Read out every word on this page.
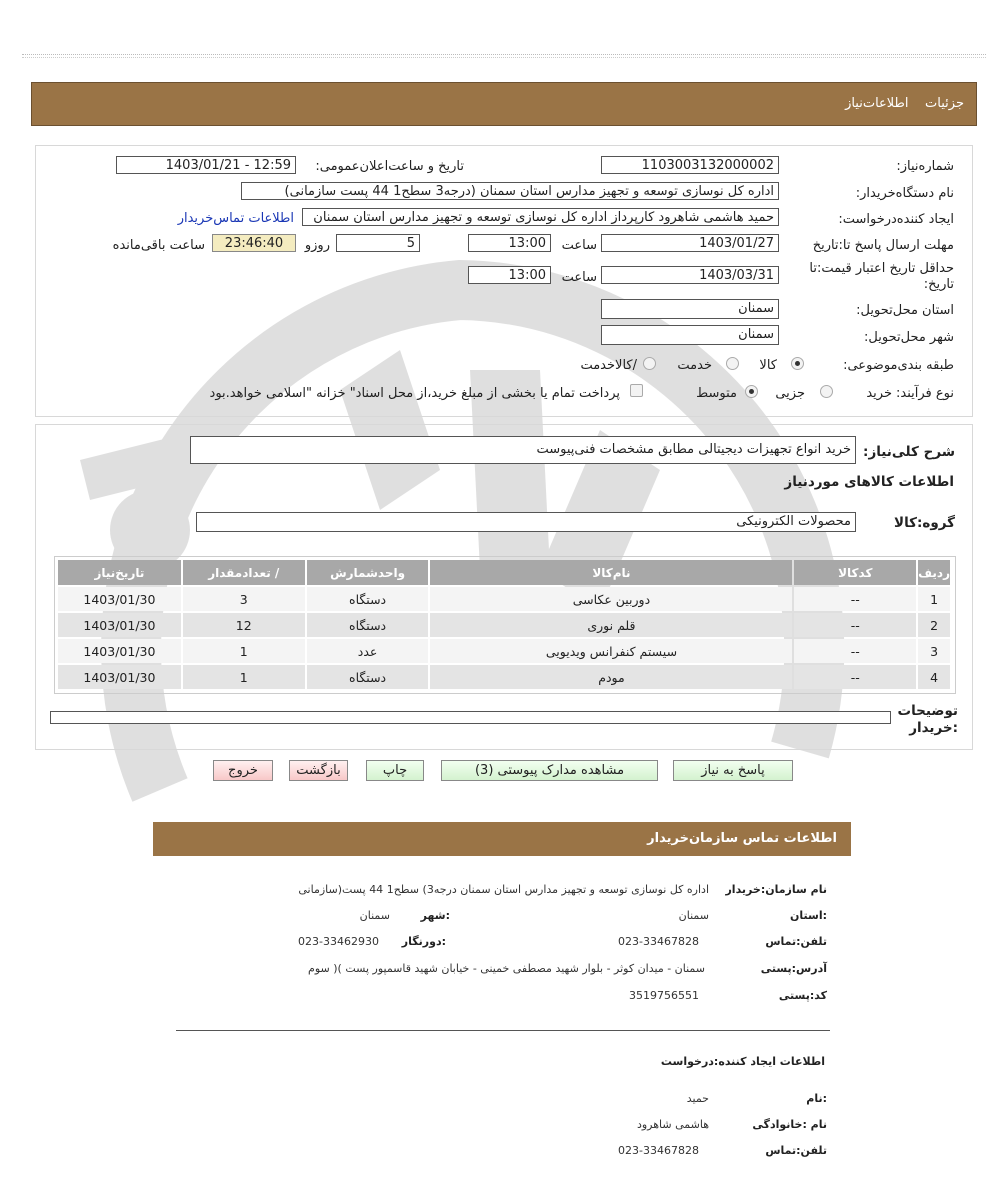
جزئیات    اطلاعات‌نیاز
شماره‌نیاز:
1103003132000002
تاریخ و ساعت‌اعلان‌عمومی:
1403/01/21 - 12:59
نام دستگاه‌خریدار:
اداره کل نوسازی توسعه و تجهیز مدارس استان سمنان (درجه3 سطح1 44 پست سازمانی)
ایجاد کننده‌درخواست:
حمید هاشمی شاهرود کارپرداز اداره کل نوسازی توسعه و تجهیز مدارس استان سمنان
اطلاعات تماس‌خریدار
مهلت ارسال پاسخ تا:تاریخ
1403/01/27
ساعت
13:00
5
روزو
23:46:40
ساعت باقی‌مانده
حداقل تاریخ اعتبار قیمت:تا
تاریخ:
1403/03/31
ساعت
13:00
استان محل‌تحویل:
سمنان
شهر محل‌تحویل:
سمنان
طبقه بندی‌موضوعی:
کالا
خدمت
/کالاخدمت
نوع فرآیند:
خرید
جزیی
متوسط
پرداخت تمام یا بخشی از مبلغ خرید،از محل اسناد" خزانه "اسلامی خواهد.بود
شرح کلی‌نیاز:
خرید انواع تجهیزات دیجیتالی مطابق مشخصات فنی‌پیوست
اطلاعات کالاهای موردنیاز
گروه:کالا
محصولات الکترونیکی
ردیف	کدکالا	نام‌کالا	واحدشمارش	/ تعدادمقدار	تاریخ‌نیاز
1	--	دوربین عکاسی	دستگاه	3	1403/01/30
2	--	قلم نوری	دستگاه	12	1403/01/30
3	--	سیستم کنفرانس ویدیویی	عدد	1	1403/01/30
4	--	مودم	دستگاه	1	1403/01/30
توضیحات
:خریدار
پاسخ به نیاز
مشاهده مدارک پیوستی (3)
چاپ
بازگشت
خروج
اطلاعات تماس سازمان‌خریدار
نام سازمان:خریدار
اداره کل نوسازی توسعه و تجهیز مدارس استان سمنان درجه3) سطح1 44 پست(سازمانی
:استان
سمنان
:شهر
سمنان
تلفن:تماس
023-33467828
:دورنگار
023-33462930
آدرس:پستی
سمنان - میدان کوثر - بلوار شهید مصطفی خمینی - خیابان شهید قاسمپور پست )( سوم
کد:پستی
3519756551
اطلاعات ایجاد کننده:درخواست
:نام
حمید
نام :خانوادگی
هاشمی شاهرود
تلفن:تماس
023-33467828
